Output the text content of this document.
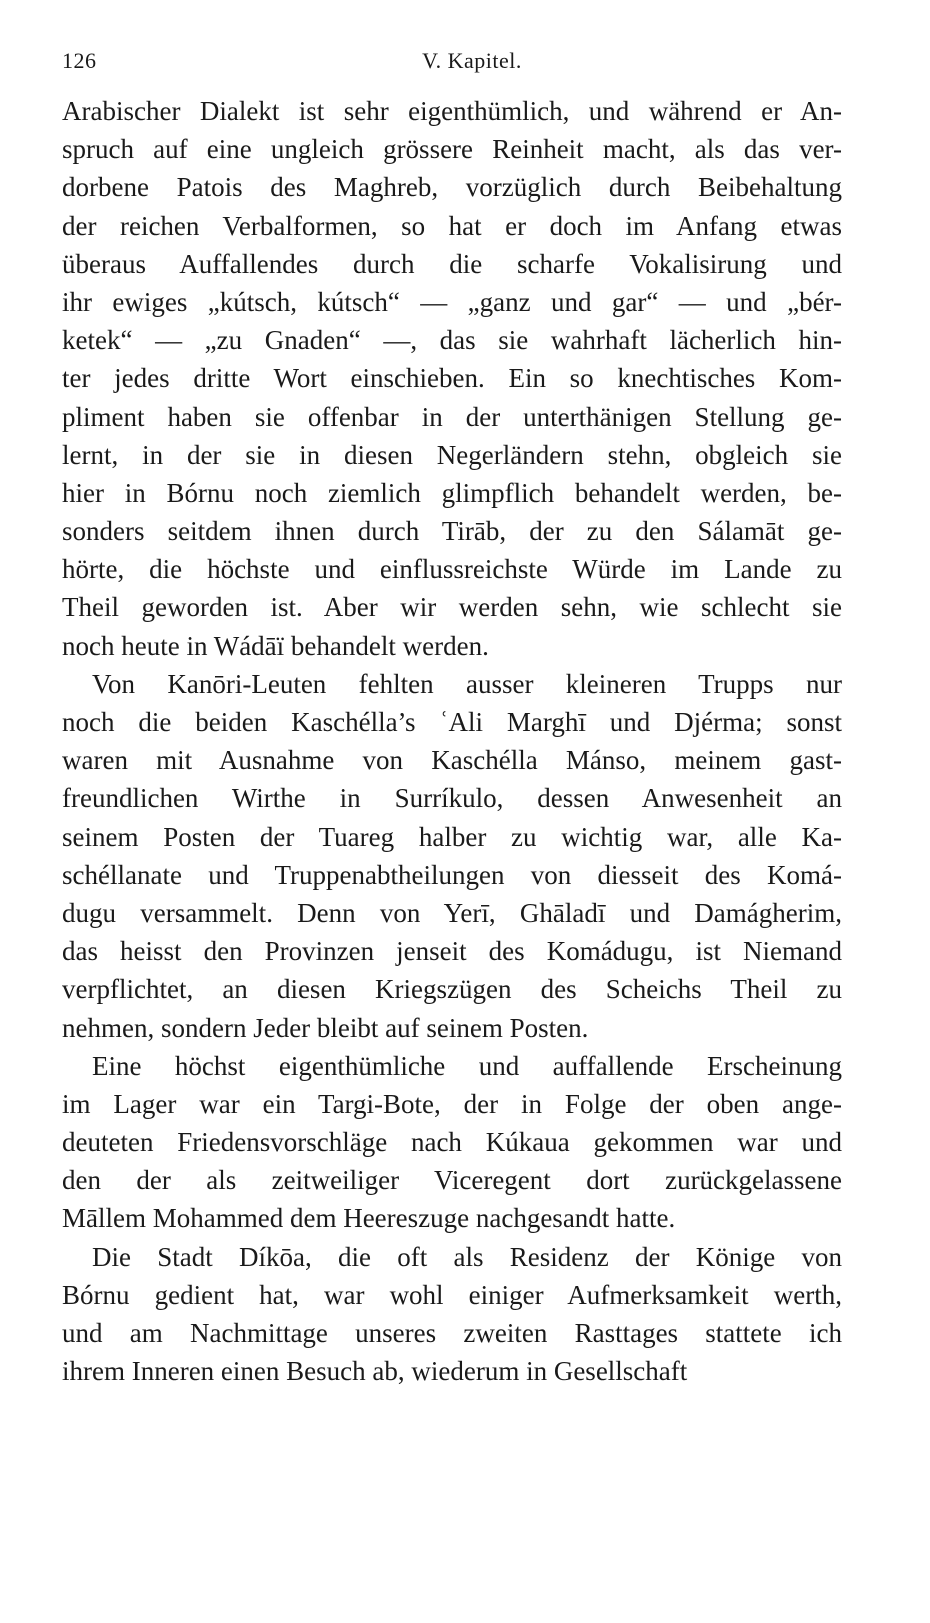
126	V. Kapitel.
Arabischer Dialekt ist sehr eigenthümlich, und während er An-
spruch auf eine ungleich grössere Reinheit macht, als das ver-
dorbene Patois des Maghreb, vorzüglich durch Beibehaltung
der reichen Verbalformen, so hat er doch im Anfang etwas
überaus Auffallendes durch die scharfe Vokalisirung und
ihr ewiges „kútsch, kútsch“ — „ganz und gar“ — und „bér-
ketek“ — „zu Gnaden“ —, das sie wahrhaft lächerlich hin-
ter jedes dritte Wort einschieben. Ein so knechtisches Kom-
pliment haben sie offenbar in der unterthänigen Stellung ge-
lernt, in der sie in diesen Negerländern stehn, obgleich sie
hier in Bórnu noch ziemlich glimpflich behandelt werden, be-
sonders seitdem ihnen durch Tirāb, der zu den Sálamāt ge-
hörte, die höchste und einflussreichste Würde im Lande zu
Theil geworden ist. Aber wir werden sehn, wie schlecht sie
noch heute in Wádāï behandelt werden.
Von Kanōri-Leuten fehlten ausser kleineren Trupps nur
noch die beiden Kaschélla’s ʿAli Marghī und Djérma; sonst
waren mit Ausnahme von Kaschélla Mánso, meinem gast-
freundlichen Wirthe in Surríkulo, dessen Anwesenheit an
seinem Posten der Tuareg halber zu wichtig war, alle Ka-
schéllanate und Truppenabtheilungen von diesseit des Komá-
dugu versammelt. Denn von Yerī, Ghāladī und Damágherim,
das heisst den Provinzen jenseit des Komádugu, ist Niemand
verpflichtet, an diesen Kriegszügen des Scheichs Theil zu
nehmen, sondern Jeder bleibt auf seinem Posten.
Eine höchst eigenthümliche und auffallende Erscheinung
im Lager war ein Targi-Bote, der in Folge der oben ange-
deuteten Friedensvorschläge nach Kúkaua gekommen war und
den der als zeitweiliger Viceregent dort zurückgelassene
Māllem Mohammed dem Heereszuge nachgesandt hatte.
Die Stadt Díkōa, die oft als Residenz der Könige von
Bórnu gedient hat, war wohl einiger Aufmerksamkeit werth,
und am Nachmittage unseres zweiten Rasttages stattete ich
ihrem Inneren einen Besuch ab, wiederum in Gesellschaft
